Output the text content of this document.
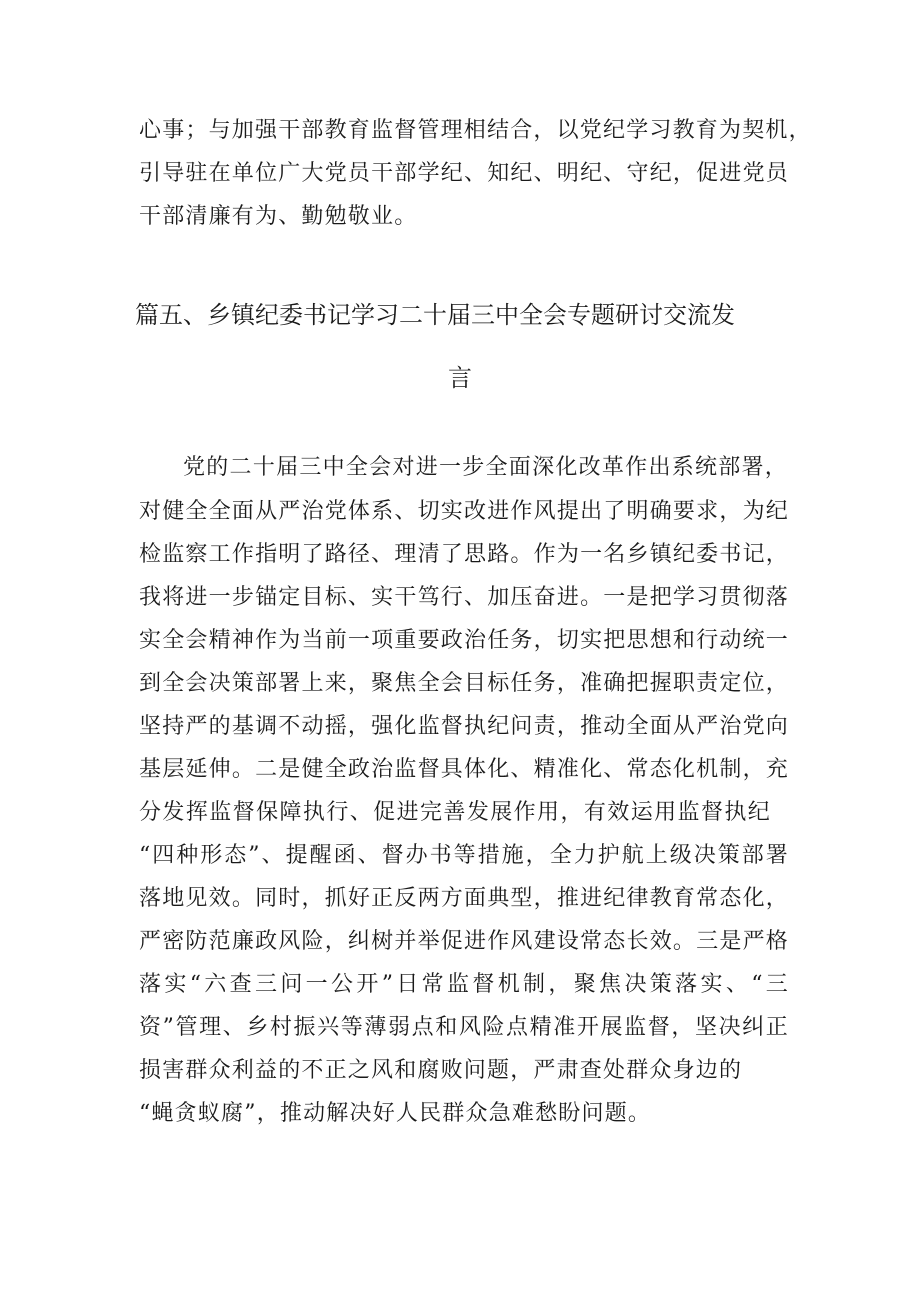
心事；与加强干部教育监督管理相结合，以党纪学习教育为契机，
引导驻在单位广大党员干部学纪、知纪、明纪、守纪，促进党员
干部清廉有为、勤勉敬业。
篇五、乡镇纪委书记学习二十届三中全会专题研讨交流发
言
党的二十届三中全会对进一步全面深化改革作出系统部署，
对健全全面从严治党体系、切实改进作风提出了明确要求，为纪
检监察工作指明了路径、理清了思路。作为一名乡镇纪委书记，
我将进一步锚定目标、实干笃行、加压奋进。一是把学习贯彻落
实全会精神作为当前一项重要政治任务，切实把思想和行动统一
到全会决策部署上来，聚焦全会目标任务，准确把握职责定位，
坚持严的基调不动摇，强化监督执纪问责，推动全面从严治党向
基层延伸。二是健全政治监督具体化、精准化、常态化机制，充
分发挥监督保障执行、促进完善发展作用，有效运用监督执纪
“四种形态”、提醒函、督办书等措施，全力护航上级决策部署
落地见效。同时，抓好正反两方面典型，推进纪律教育常态化，
严密防范廉政风险，纠树并举促进作风建设常态长效。三是严格
落实“六查三问一公开”日常监督机制，聚焦决策落实、“三
资”管理、乡村振兴等薄弱点和风险点精准开展监督，坚决纠正
损害群众利益的不正之风和腐败问题，严肃查处群众身边的
“蝇贪蚁腐”，推动解决好人民群众急难愁盼问题。
